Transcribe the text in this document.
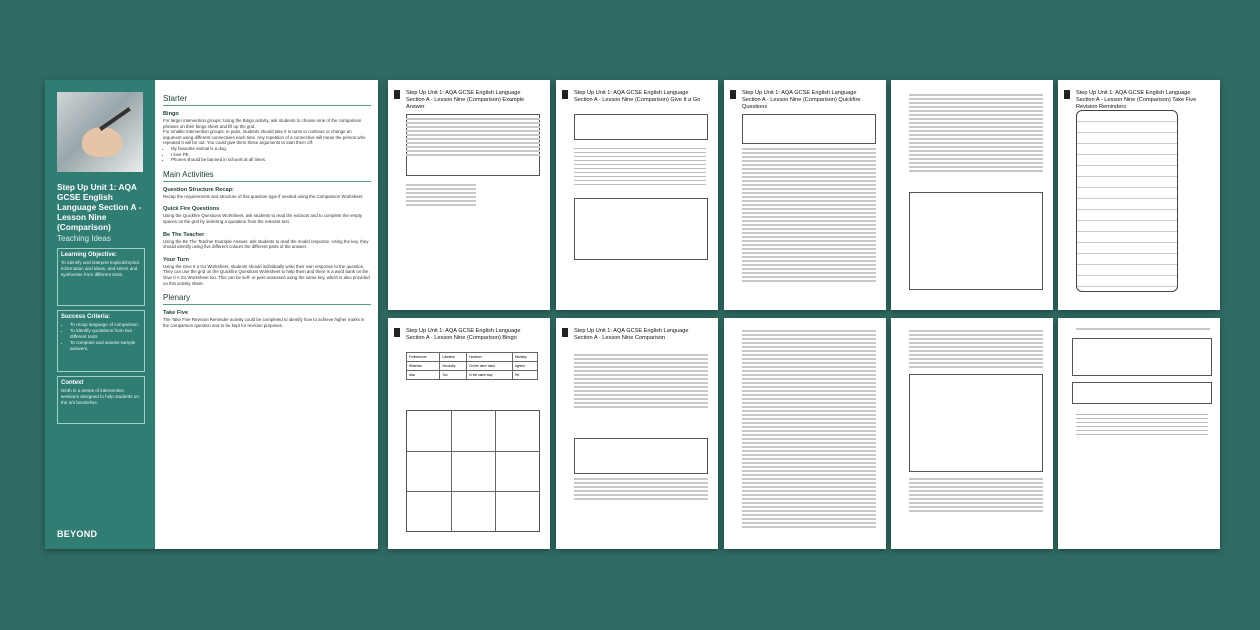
Step Up Unit 1: AQA GCSE English Language Section A - Lesson Nine (Comparison)
Teaching Ideas
Learning Objective:

To identify and interpret explicit/implicit information and ideas, and select and synthesise from different texts.

Success Criteria:
• To recap language of comparison
• To identify quotations from two different texts
• To compose and assess sample answers.
Context

Ninth in a series of intervention sessions designed to help students on the 3/4 borderline.

BEYOND
Starter
Bingo

For larger intervention groups: Using the Bingo activity, ask students to choose nine of the comparison phrases on their bingo sheet and fill up the grid.

For smaller intervention groups: In pairs, students should take it in turns to continue or change an argument using different connectives each time. Any repetition of a connective will mean the person who repeated it will be out. You could give them these arguments to start them off:

• My favourite animal is a dog.
• I love PE.
• Phones should be banned in schools at all times.
Main Activities
Question Structure Recap:

Recap the requirements and structure of this question type if needed using the Comparison Worksheet.

Quick Fire Questions

Using the Quickfire Questions Worksheet, ask students to read the extracts and to complete the empty spaces on the grid by selecting a quotation from the relevant text.

Be The Teacher

Using the Be The Teacher Example Answer, ask students to read the model response. Using the key, they should identify using five different colours the different parts of the answer.

Your Turn

Using the Give It a Go Worksheet, students should individually write their own response to the question. They can use the grid on the Quickfire Questions Worksheet to help them and there is a word bank on the Give It A Go Worksheet too. This can be self- or peer-assessed using the same key, which is also provided on this activity sheet.

Plenary
Take Five

The Take Five Revision Reminder activity could be completed to identify how to achieve higher marks in the comparison question and to be kept for revision purposes.

Step Up Unit 1: AQA GCSE English Language Section A - Lesson Nine (Comparison) Example Answer
Step Up Unit 1: AQA GCSE English Language Section A - Lesson Nine (Comparison) Give It a Go
Step Up Unit 1: AQA GCSE English Language Section A - Lesson Nine (Comparison) Quickfire Questions
Step Up Unit 1: AQA GCSE English Language Section A - Lesson Nine (Comparison) Take Five Revision Reminders
Step Up Unit 1: AQA GCSE English Language Section A - Lesson Nine (Comparison) Bingo
Furthermore	Likewise	However	Similarly
Whereas	Secondly	On the other hand	Agrees
Also	Too	In the same way	Yet
Step Up Unit 1: AQA GCSE English Language Section A - Lesson Nine Comparison
